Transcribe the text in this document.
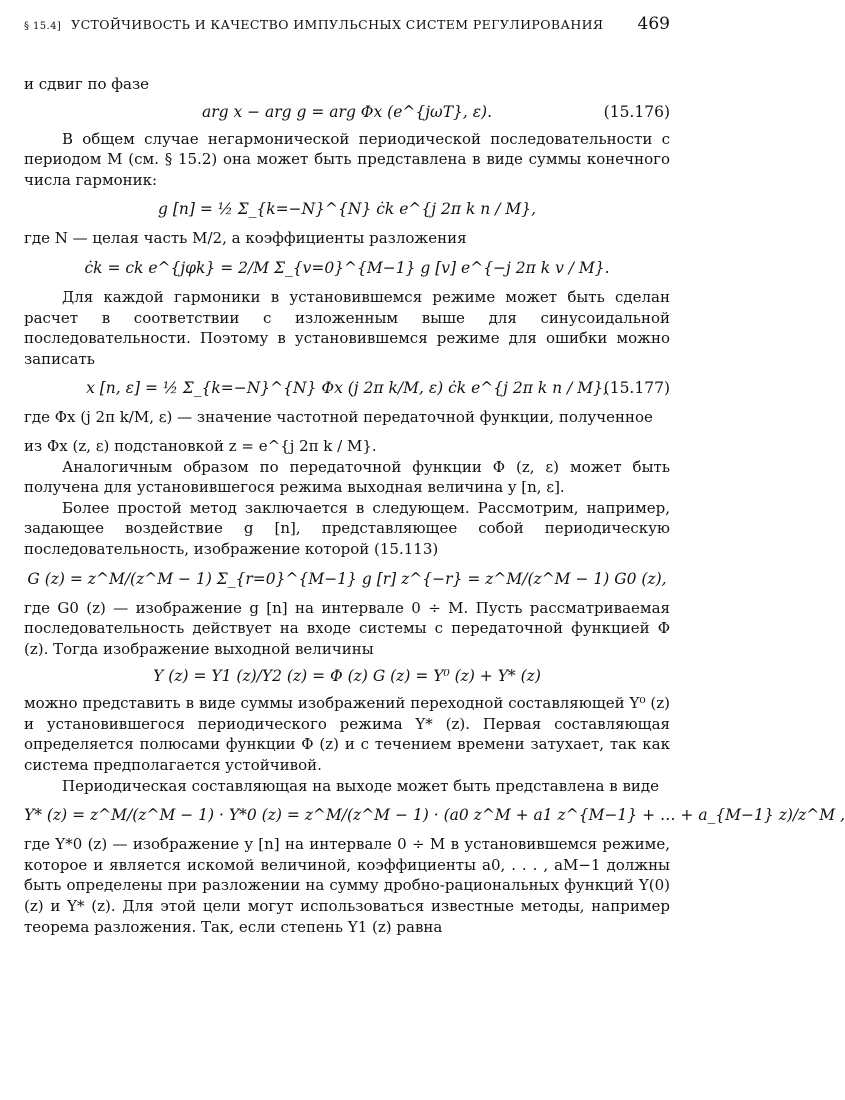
§ 15.4] УСТОЙЧИВОСТЬ И КАЧЕСТВО ИМПУЛЬСНЫХ СИСТЕМ РЕГУЛИРОВАНИЯ 469

и сдвиг по фазе

arg x − arg g = arg Φx (e^{jωT}, ε).	(15.176)

В общем случае негармонической периодической последовательности с периодом M (см. § 15.2) она может быть представлена в виде суммы конечного числа гармоник:

g [n] = ½ Σ_{k=−N}^{N} ċk e^{j 2π k n / M},

где N — целая часть M/2, а коэффициенты разложения

ċk = ck e^{jφk} = 2/M Σ_{v=0}^{M−1} g [v] e^{−j 2π k v / M}.

Для каждой гармоники в установившемся режиме может быть сделан расчет в соответствии с изложенным выше для синусоидальной последовательности. Поэтому в установившемся режиме для ошибки можно записать

x [n, ε] = ½ Σ_{k=−N}^{N} Φx (j 2π k/M, ε) ċk e^{j 2π k n / M},
(15.177)

где Φx (j 2π k/M, ε) — значение частотной передаточной функции, полученное

из Φx (z, ε) подстановкой z = e^{j 2π k / M}.

Аналогичным образом по передаточной функции Φ (z, ε) может быть получена для установившегося режима выходная величина y [n, ε].

Более простой метод заключается в следующем. Рассмотрим, например, задающее воздействие g [n], представляющее собой периодическую последовательность, изображение которой (15.113)

G (z) = z^M/(z^M − 1) Σ_{r=0}^{M−1} g [r] z^{−r} = z^M/(z^M − 1) G0 (z),

где G0 (z) — изображение g [n] на интервале 0 ÷ M. Пусть рассматриваемая последовательность действует на входе системы с передаточной функцией Φ (z). Тогда изображение выходной величины

Y (z) = Y1 (z)/Y2 (z) = Φ (z) G (z) = Y⁰ (z) + Y* (z)

можно представить в виде суммы изображений переходной составляющей Y⁰ (z) и установившегося периодического режима Y* (z). Первая составляющая определяется полюсами функции Φ (z) и с течением времени затухает, так как система предполагается устойчивой.

Периодическая составляющая на выходе может быть представлена в виде

Y* (z) = z^M/(z^M − 1) · Y*0 (z) = z^M/(z^M − 1) · (a0 z^M + a1 z^{M−1} + … + a_{M−1} z)/z^M ,

где Y*0 (z) — изображение y [n] на интервале 0 ÷ M в установившемся режиме, которое и является искомой величиной, коэффициенты a0, . . . , aM−1 должны быть определены при разложении на сумму дробно-рациональных функций Y(0) (z) и Y* (z). Для этой цели могут использоваться известные методы, например теорема разложения. Так, если степень Y1 (z) равна
